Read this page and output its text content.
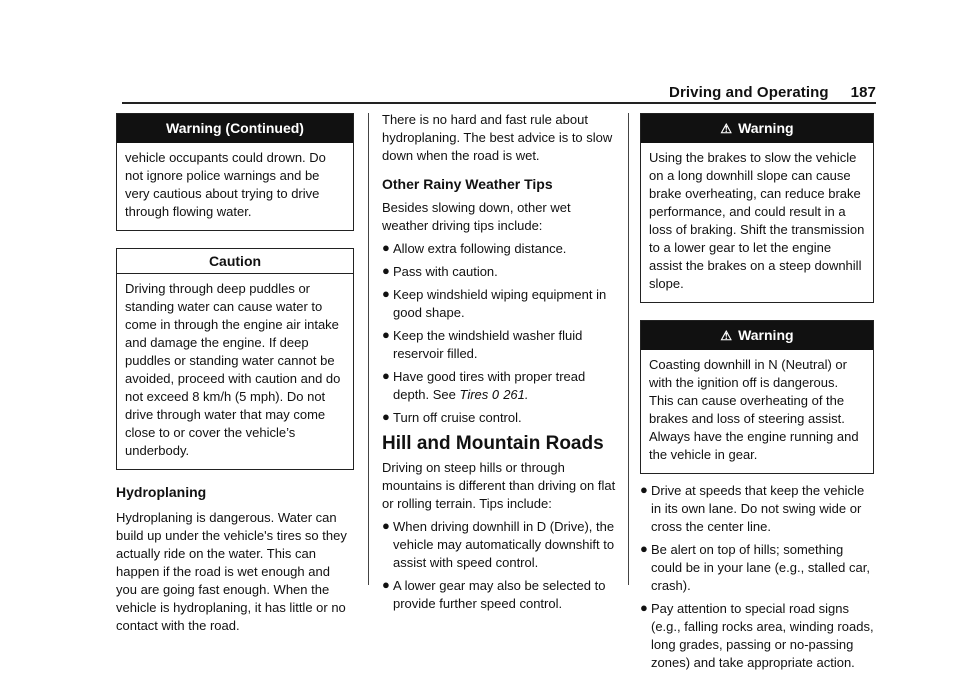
Driving and Operating 187
Warning (Continued)

vehicle occupants could drown. Do not ignore police warnings and be very cautious about trying to drive through flowing water.

Caution

Driving through deep puddles or standing water can cause water to come in through the engine air intake and damage the engine. If deep puddles or standing water cannot be avoided, proceed with caution and do not exceed 8 km/h (5 mph). Do not drive through water that may come close to or cover the vehicle’s underbody.

Hydroplaning

Hydroplaning is dangerous. Water can build up under the vehicle's tires so they actually ride on the water. This can happen if the road is wet enough and you are going fast enough. When the vehicle is hydroplaning, it has little or no contact with the road.

There is no hard and fast rule about hydroplaning. The best advice is to slow down when the road is wet.

Other Rainy Weather Tips

Besides slowing down, other wet weather driving tips include:

● Allow extra following distance.
● Pass with caution.
● Keep windshield wiping equipment in good shape.
● Keep the windshield washer fluid reservoir filled.
● Have good tires with proper tread depth. See Tires 0 261.
● Turn off cruise control.
Hill and Mountain Roads

Driving on steep hills or through mountains is different than driving on flat or rolling terrain. Tips include:

● When driving downhill in D (Drive), the vehicle may automatically downshift to assist with speed control.
● A lower gear may also be selected to provide further speed control.
⚠ Warning

Using the brakes to slow the vehicle on a long downhill slope can cause brake overheating, can reduce brake performance, and could result in a loss of braking. Shift the transmission to a lower gear to let the engine assist the brakes on a steep downhill slope.

⚠ Warning

Coasting downhill in N (Neutral) or with the ignition off is dangerous. This can cause overheating of the brakes and loss of steering assist. Always have the engine running and the vehicle in gear.

● Drive at speeds that keep the vehicle in its own lane. Do not swing wide or cross the center line.
● Be alert on top of hills; something could be in your lane (e.g., stalled car, crash).
● Pay attention to special road signs (e.g., falling rocks area, winding roads, long grades, passing or no-passing zones) and take appropriate action.
